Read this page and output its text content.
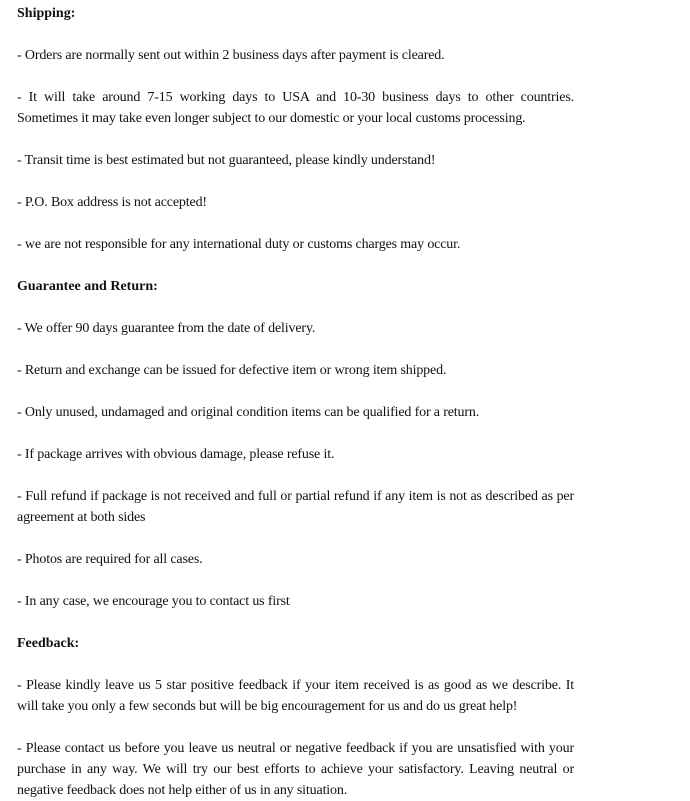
Shipping:

- Orders are normally sent out within 2 business days after payment is cleared.

- It will take around 7-15 working days to USA and 10-30 business days to other countries. Sometimes it may take even longer subject to our domestic or your local customs processing.

- Transit time is best estimated but not guaranteed, please kindly understand!

- P.O. Box address is not accepted!

- we are not responsible for any international duty or customs charges may occur.

Guarantee and Return:

- We offer 90 days guarantee from the date of delivery.

- Return and exchange can be issued for defective item or wrong item shipped.

- Only unused, undamaged and original condition items can be qualified for a return.

- If package arrives with obvious damage, please refuse it.

- Full refund if package is not received and full or partial refund if any item is not as described as per agreement at both sides

- Photos are required for all cases.

- In any case, we encourage you to contact us first

Feedback:

- Please kindly leave us 5 star positive feedback if your item received is as good as we describe. It will take you only a few seconds but will be big encouragement for us and do us great help!

- Please contact us before you leave us neutral or negative feedback if you are unsatisfied with your purchase in any way. We will try our best efforts to achieve your satisfactory. Leaving neutral or negative feedback does not help either of us in any situation.
